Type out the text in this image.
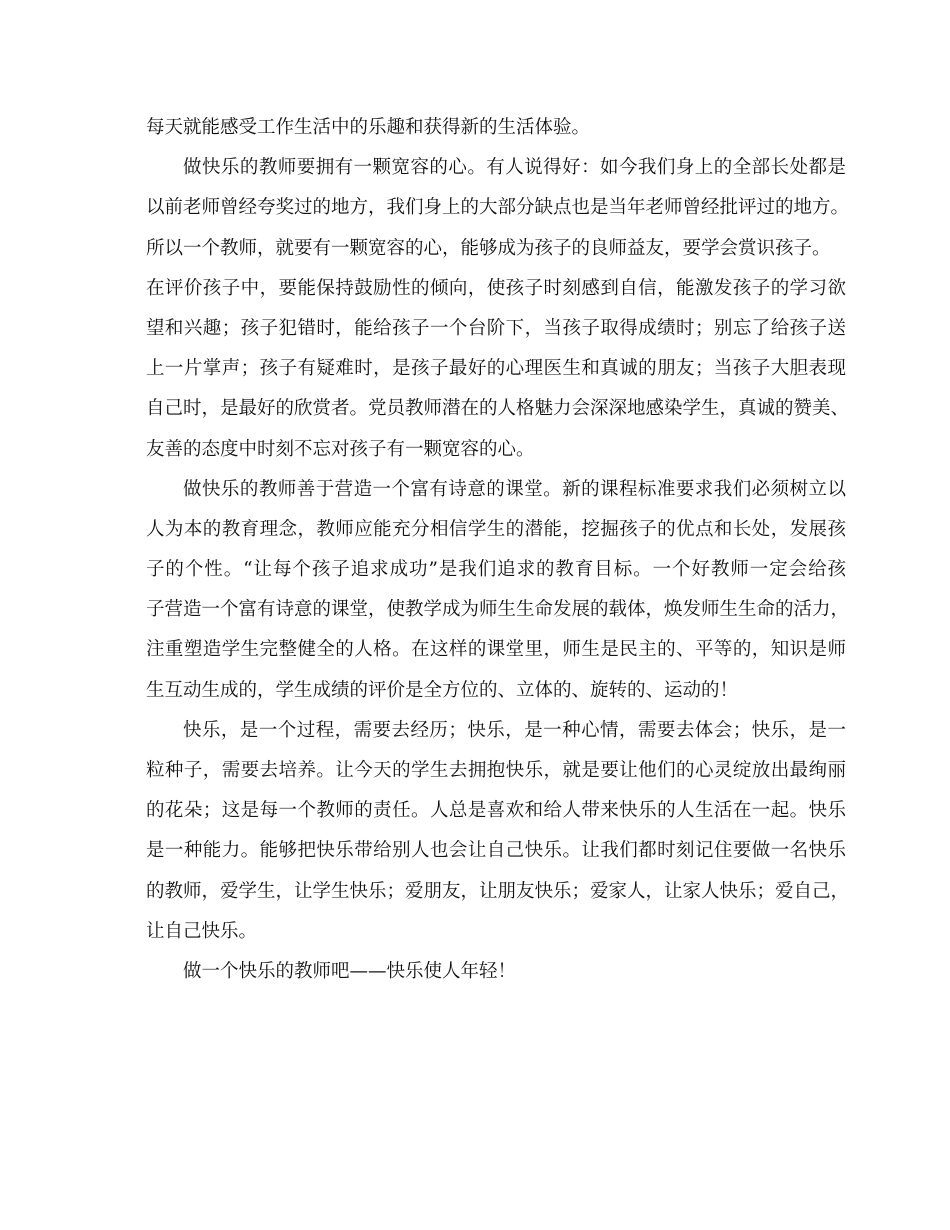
每天就能感受工作生活中的乐趣和获得新的生活体验。
做快乐的教师要拥有一颗宽容的心。有人说得好：如今我们身上的全部长处都是
以前老师曾经夸奖过的地方，我们身上的大部分缺点也是当年老师曾经批评过的地方。
所以一个教师，就要有一颗宽容的心，能够成为孩子的良师益友，要学会赏识孩子。
在评价孩子中，要能保持鼓励性的倾向，使孩子时刻感到自信，能激发孩子的学习欲
望和兴趣；孩子犯错时，能给孩子一个台阶下，当孩子取得成绩时；别忘了给孩子送
上一片掌声；孩子有疑难时，是孩子最好的心理医生和真诚的朋友；当孩子大胆表现
自己时，是最好的欣赏者。党员教师潜在的人格魅力会深深地感染学生，真诚的赞美、
友善的态度中时刻不忘对孩子有一颗宽容的心。
做快乐的教师善于营造一个富有诗意的课堂。新的课程标准要求我们必须树立以
人为本的教育理念，教师应能充分相信学生的潜能，挖掘孩子的优点和长处，发展孩
子的个性。“让每个孩子追求成功”是我们追求的教育目标。一个好教师一定会给孩
子营造一个富有诗意的课堂，使教学成为师生生命发展的载体，焕发师生生命的活力，
注重塑造学生完整健全的人格。在这样的课堂里，师生是民主的、平等的，知识是师
生互动生成的，学生成绩的评价是全方位的、立体的、旋转的、运动的！
快乐，是一个过程，需要去经历；快乐，是一种心情，需要去体会；快乐，是一
粒种子，需要去培养。让今天的学生去拥抱快乐，就是要让他们的心灵绽放出最绚丽
的花朵；这是每一个教师的责任。人总是喜欢和给人带来快乐的人生活在一起。快乐
是一种能力。能够把快乐带给别人也会让自己快乐。让我们都时刻记住要做一名快乐
的教师，爱学生，让学生快乐；爱朋友，让朋友快乐；爱家人，让家人快乐；爱自己，
让自己快乐。
做一个快乐的教师吧——快乐使人年轻！
